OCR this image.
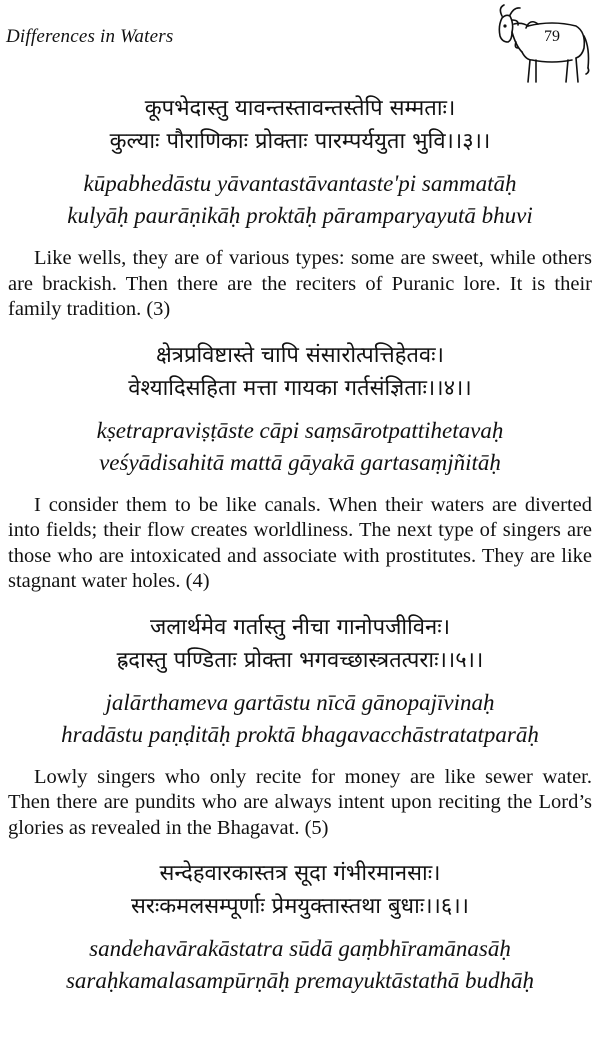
Differences in Waters	79

कूपभेदास्तु यावन्तस्तावन्तस्तेपि सम्मताः।

कुल्याः पौराणिकाः प्रोक्ताः पारम्पर्ययुता भुवि।।३।।

kūpabhedāstu yāvantastāvantaste'pi sammatāḥ

kulyāḥ paurāṇikāḥ proktāḥ pāramparyayutā bhuvi

Like wells, they are of various types: some are sweet, while others are brackish. Then there are the reciters of Puranic lore. It is their family tradition. (3)

क्षेत्रप्रविष्टास्ते चापि संसारोत्पत्तिहेतवः।

वेश्यादिसहिता मत्ता गायका गर्तसंज्ञिताः।।४।।

kṣetrapraviṣṭāste cāpi saṃsārotpattihetavaḥ

veśyādisahitā mattā gāyakā gartasaṃjñitāḥ

I consider them to be like canals. When their waters are diverted into fields; their flow creates worldliness. The next type of singers are those who are intoxicated and associate with prostitutes. They are like stagnant water holes. (4)

जलार्थमेव गर्तास्तु नीचा गानोपजीविनः।

ह्रदास्तु पण्डिताः प्रोक्ता भगवच्छास्त्रतत्पराः।।५।।

jalārthameva gartāstu nīcā gānopajīvinaḥ

hradāstu paṇḍitāḥ proktā bhagavacchāstratatparāḥ

Lowly singers who only recite for money are like sewer water. Then there are pundits who are always intent upon reciting the Lord’s glories as revealed in the Bhagavat. (5)

सन्देहवारकास्तत्र सूदा गंभीरमानसाः।

सरःकमलसम्पूर्णाः प्रेमयुक्तास्तथा बुधाः।।६।।

sandehavārakāstatra sūdā gaṃbhīramānasāḥ

saraḥkamalasampūrṇāḥ premayuktāstathā budhāḥ
